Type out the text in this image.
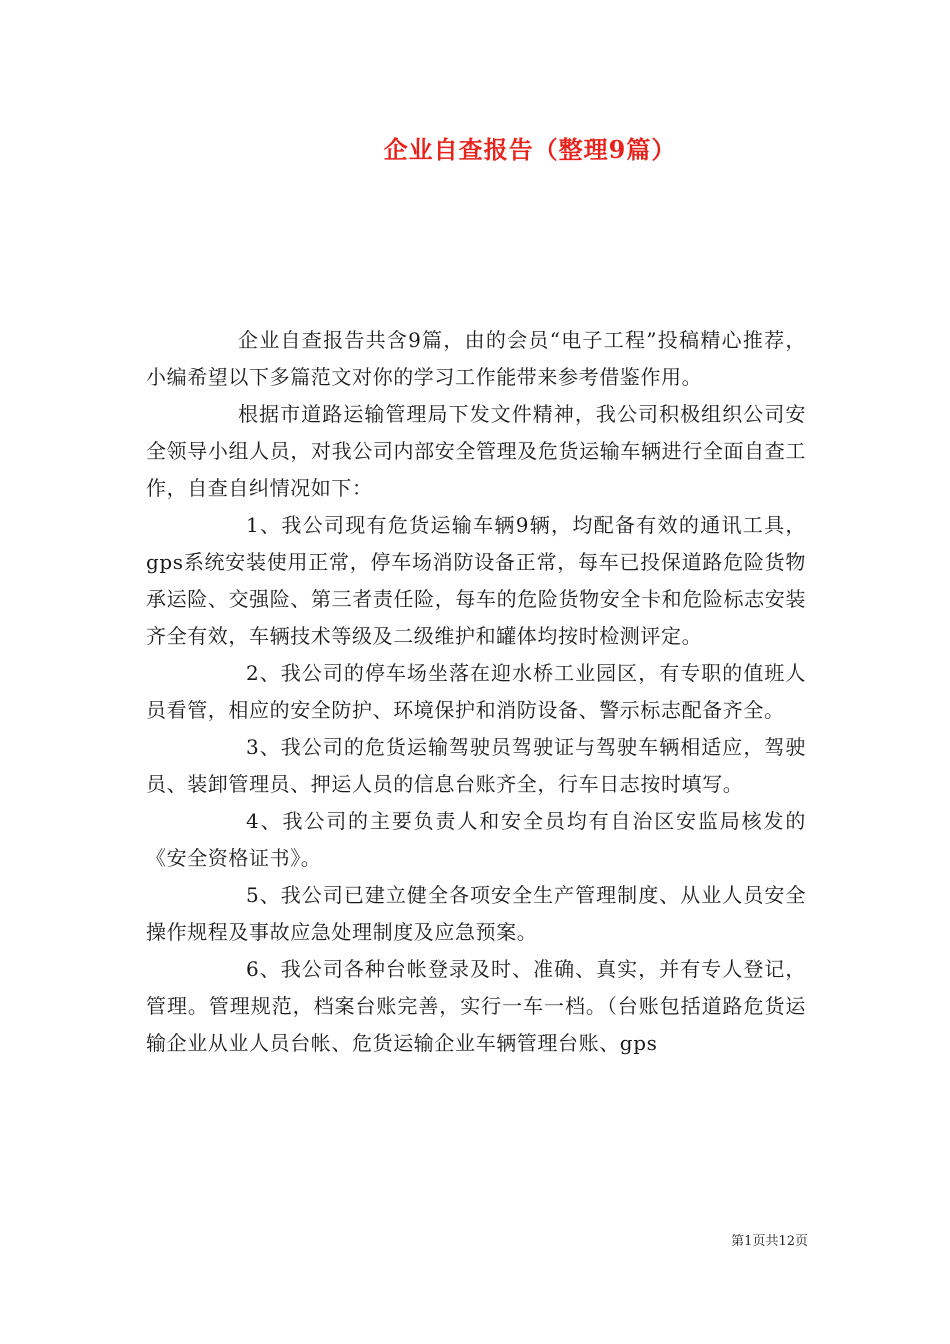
企业自查报告（整理9篇）

企业自查报告共含9篇，由的会员“电子工程”投稿精心推荐，小编希望以下多篇范文对你的学习工作能带来参考借鉴作用。

根据市道路运输管理局下发文件精神，我公司积极组织公司安全领导小组人员，对我公司内部安全管理及危货运输车辆进行全面自查工作，自查自纠情况如下：

1、我公司现有危货运输车辆9辆，均配备有效的通讯工具，gps系统安装使用正常，停车场消防设备正常，每车已投保道路危险货物承运险、交强险、第三者责任险，每车的危险货物安全卡和危险标志安装齐全有效，车辆技术等级及二级维护和罐体均按时检测评定。

2、我公司的停车场坐落在迎水桥工业园区，有专职的值班人员看管，相应的安全防护、环境保护和消防设备、警示标志配备齐全。

3、我公司的危货运输驾驶员驾驶证与驾驶车辆相适应，驾驶员、装卸管理员、押运人员的信息台账齐全，行车日志按时填写。

4、我公司的主要负责人和安全员均有自治区安监局核发的《安全资格证书》。

5、我公司已建立健全各项安全生产管理制度、从业人员安全操作规程及事故应急处理制度及应急预案。

6、我公司各种台帐登录及时、准确、真实，并有专人登记，管理。管理规范，档案台账完善，实行一车一档。（台账包括道路危货运输企业从业人员台帐、危货运输企业车辆管理台账、gps

第1页共12页
